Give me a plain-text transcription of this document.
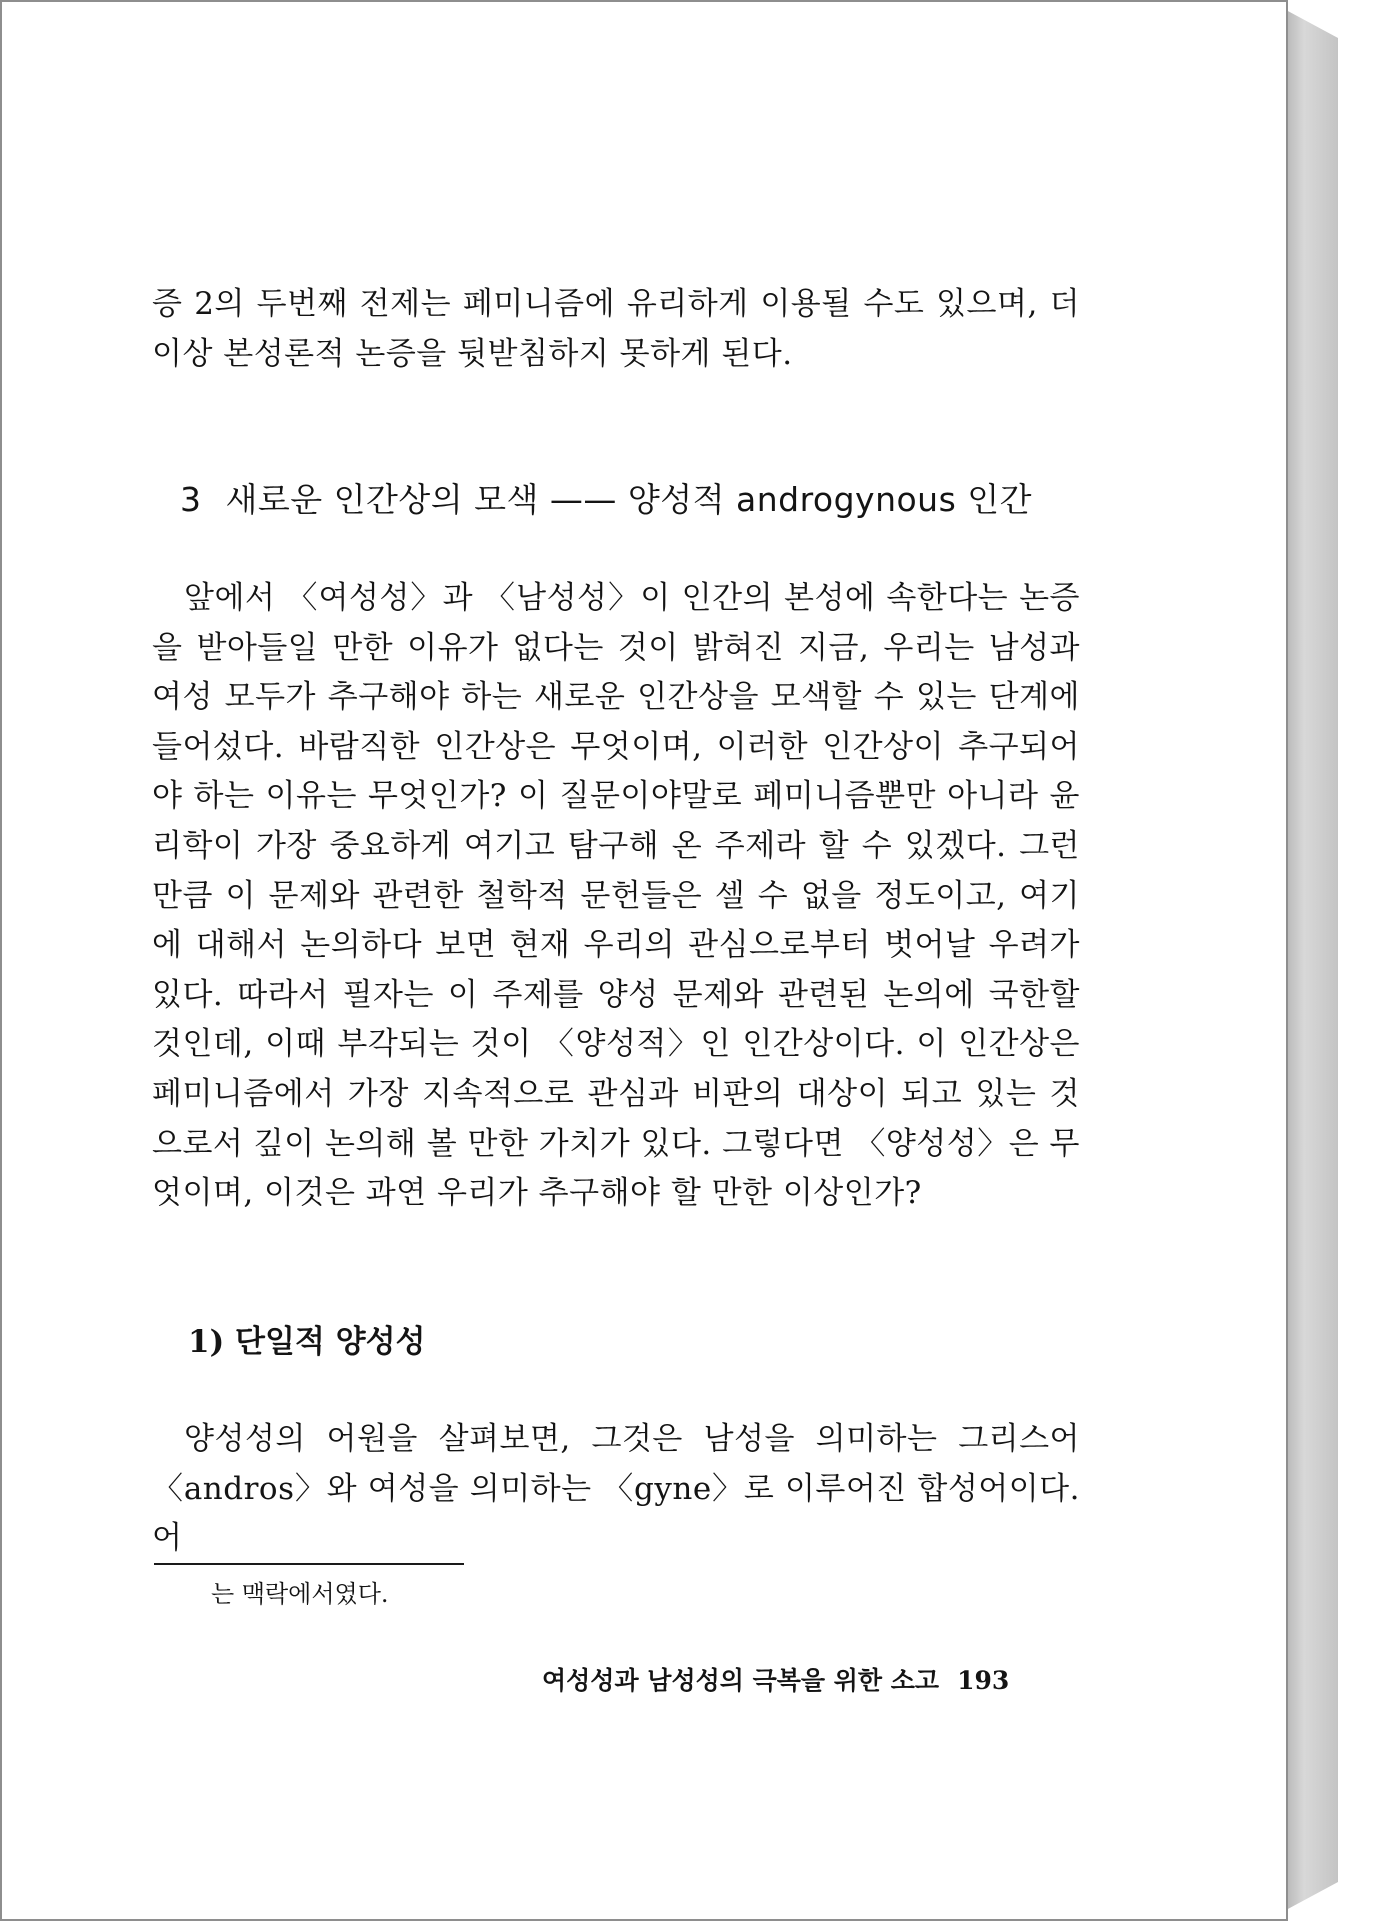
증 2의 두번째 전제는 페미니즘에 유리하게 이용될 수도 있으며, 더 이상 본성론적 논증을 뒷받침하지 못하게 된다.
3 새로운 인간상의 모색 —— 양성적 androgynous 인간
앞에서 〈여성성〉과 〈남성성〉이 인간의 본성에 속한다는 논증을 받아들일 만한 이유가 없다는 것이 밝혀진 지금, 우리는 남성과 여성 모두가 추구해야 하는 새로운 인간상을 모색할 수 있는 단계에 들어섰다. 바람직한 인간상은 무엇이며, 이러한 인간상이 추구되어야 하는 이유는 무엇인가? 이 질문이야말로 페미니즘뿐만 아니라 윤리학이 가장 중요하게 여기고 탐구해 온 주제라 할 수 있겠다. 그런 만큼 이 문제와 관련한 철학적 문헌들은 셀 수 없을 정도이고, 여기에 대해서 논의하다 보면 현재 우리의 관심으로부터 벗어날 우려가 있다. 따라서 필자는 이 주제를 양성 문제와 관련된 논의에 국한할 것인데, 이때 부각되는 것이 〈양성적〉인 인간상이다. 이 인간상은 페미니즘에서 가장 지속적으로 관심과 비판의 대상이 되고 있는 것으로서 깊이 논의해 볼 만한 가치가 있다. 그렇다면 〈양성성〉은 무엇이며, 이것은 과연 우리가 추구해야 할 만한 이상인가?
1) 단일적 양성성
양성성의 어원을 살펴보면, 그것은 남성을 의미하는 그리스어 〈andros〉와 여성을 의미하는 〈gyne〉로 이루어진 합성어이다. 어
는 맥락에서였다.
여성성과 남성성의 극복을 위한 소고 193
